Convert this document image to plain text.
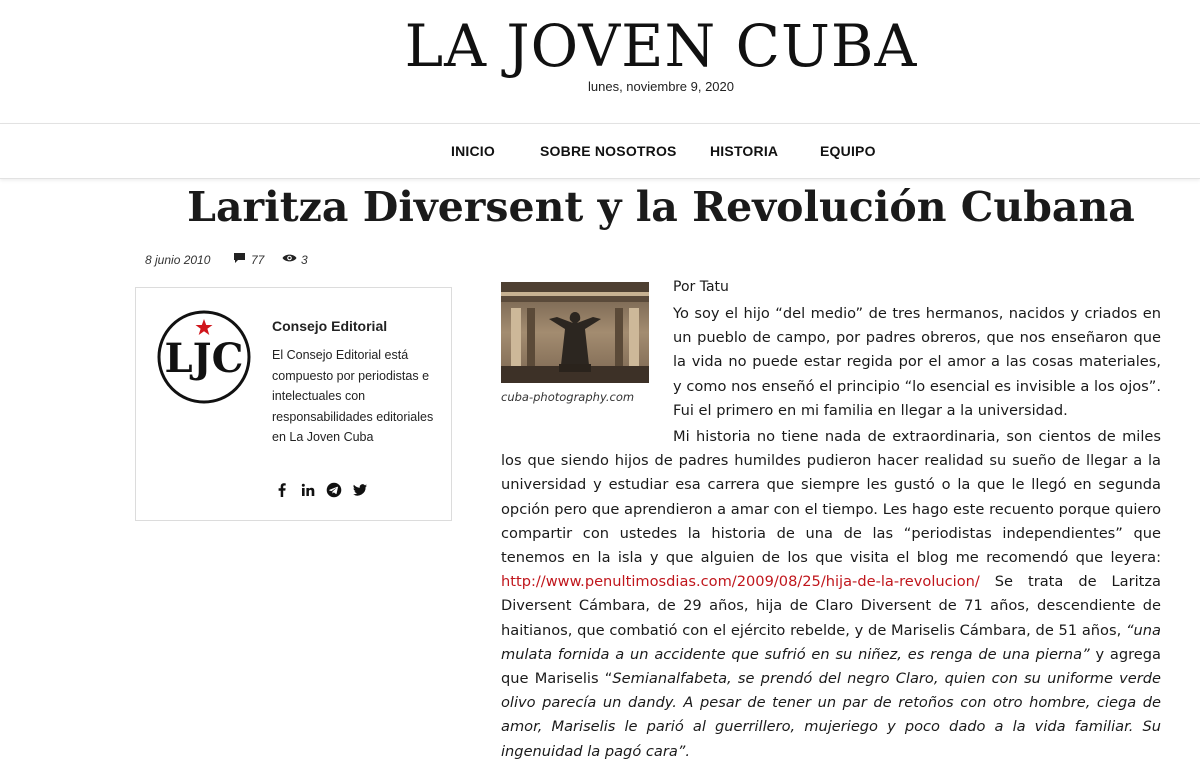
LA JOVEN CUBA
lunes, noviembre 9, 2020
INICIO	SOBRE NOSOTROS HISTORIA	EQUIPO
Laritza Diversent y la Revolución Cubana
8 junio 2010	77	3
LJC
Consejo Editorial
El Consejo Editorial está compuesto por periodistas e intelectuales con responsabilidades editoriales en La Joven Cuba
cuba-photography.com
Por Tatu

Yo soy el hijo “del medio” de tres hermanos, nacidos y criados en un pueblo de campo, por padres obreros, que nos enseñaron que la vida no puede estar regida por el amor a las cosas materiales, y como nos enseñó el principio “lo esencial es invisible a los ojos”. Fui el primero en mi familia en llegar a la universidad.

Mi historia no tiene nada de extraordinaria, son cientos de miles los que siendo hijos de padres humildes pudieron hacer realidad su sueño de llegar a la universidad y estudiar esa carrera que siempre les gustó o la que le llegó en segunda opción pero que aprendieron a amar con el tiempo. Les hago este recuento porque quiero compartir con ustedes la historia de una de las “periodistas independientes” que tenemos en la isla y que alguien de los que visita el blog me recomendó que leyera: http://www.penultimosdias.com/2009/08/25/hija-de-la-revolucion/ Se trata de Laritza Diversent Cámbara, de 29 años, hija de Claro Diversent de 71 años, descendiente de haitianos, que combatió con el ejército rebelde, y de Mariselis Cámbara, de 51 años, “una mulata fornida a un accidente que sufrió en su niñez, es renga de una pierna” y agrega que Mariselis “Semianalfabeta, se prendó del negro Claro, quien con su uniforme verde olivo parecía un dandy. A pesar de tener un par de retoños con otro hombre, ciega de amor, Mariselis le parió al guerrillero, mujeriego y poco dado a la vida familiar. Su ingenuidad la pagó cara”.
